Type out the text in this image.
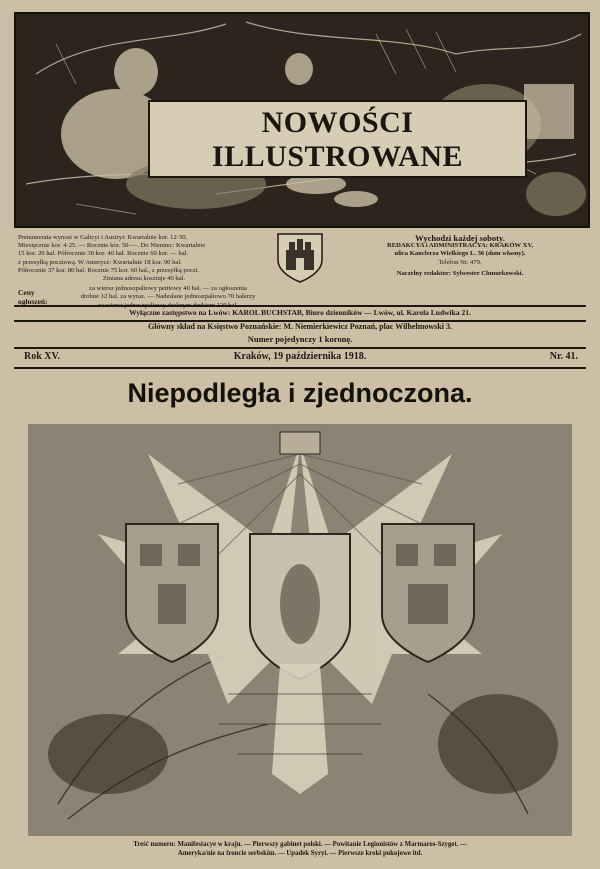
NOWOŚCI ILLUSTROWANE
Prenumerata wynosi w Galicyi i Austryi: Kwartalnie kor. 12·50.
Miesięcznie kor. 4·25. — Rocznie kor. 50·—. Do Niemiec: Kwartalnie
15 kor. 20 hal. Półrocznie 30 kor. 40 hal. Rocznie 60 kor. — hal.
z przesyłką pocztową. W Ameryce: Kwartalnie 18 kor. 90 hal.
Półrocznie 37 kor. 80 hal. Rocznie 75 kor. 60 hal., z przesyłką poczt.
Zmiana adresu kosztuje 40 hal.
Ceny ogłoszeń:
za wiersz jednoszpaltowy petitowy 40 hal. — za ogłoszenia
drobne 12 hal. za wyraz. — Nadesłane jednoszpaltowo 70 halerzy
za wiersz jednoszpaltowy drobnym drukiem 120 hal.
Wychodzi każdej soboty.
REDAKCYA i ADMINISTRACYA: KRAKÓW XV,
ulica Kanclerza Wielkiego L. 36 (dom własny).
Telefon Nr. 479.
Naczelny redaktor: Sylwester Chmurkowski.
Wyłączne zastępstwo na Lwów: KAROL BUCHSTAB, Biuro dzienników — Lwów, ul. Karola Ludwika 21.
Główny skład na Księstwo Poznańskie: M. Niemierkiewicz Poznań, plac Wilhelmowski 3.
Numer pojedynczy 1 koronę.
Rok XV.	Kraków, 19 października 1918.	Nr. 41.
Niepodległa i zjednoczona.
Treść numeru: Manifestacye w kraju. — Pierwszy gabinet polski. — Powitanie Legionistów z Marmaros-Szyget. —
Ameryka/nie na froncie serbskim. — Upadek Syryi. — Pierwsze kroki pokojowe itd.
